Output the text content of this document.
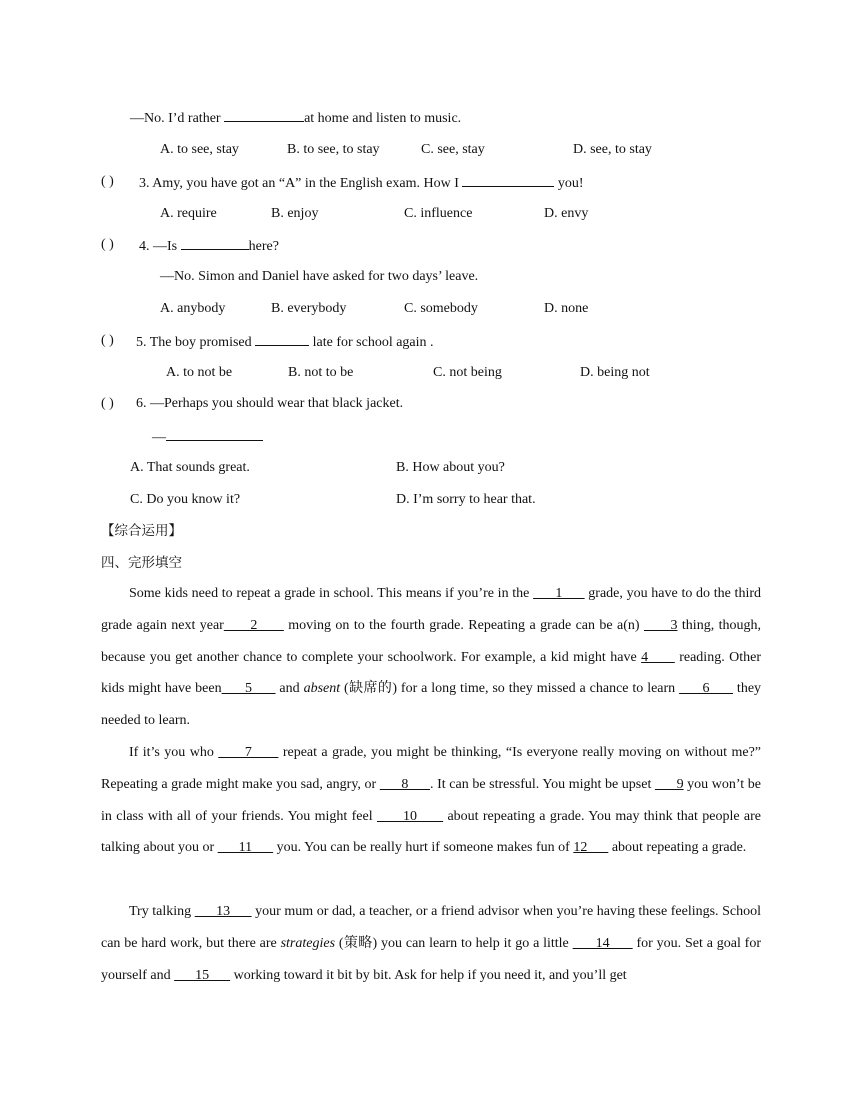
—No. I’d rather	at home and listen to music.
A. to see, stay	B. to see, to stay	C. see, stay	D. see, to stay
( ) 3. Amy, you have got an “A” in the English exam. How I	you!
A. require	B. enjoy	C. influence	D. envy
( ) 4. —Is	here?
—No. Simon and Daniel have asked for two days’ leave.
A. anybody	B. everybody	C. somebody	D. none
( ) 5. The boy promised	late for school again .
A. to not be	B. not to be	C. not being	D. being not
( ) 6. —Perhaps you should wear that black jacket.
—
A. That sounds great.	B. How about you?
C. Do you know it?	D. I’m sorry to hear that.
【综合运用】
四、完形填空
Some kids need to repeat a grade in school. This means if you’re in the       1       grade, you have to do the third grade again next year      2       moving on to the fourth grade. Repeating a grade can be a(n)       3 thing, though, because you get another chance to complete your schoolwork. For example, a kid might have 4       reading. Other kids might have been      5       and absent (缺席的) for a long time, so they missed a chance to learn       6       they needed to learn.
If it’s you who       7       repeat a grade, you might be thinking, “Is everyone really moving on without me?” Repeating a grade might make you sad, angry, or       8      . It can be stressful. You might be upset       9 you won’t be in class with all of your friends. You might feel       10       about repeating a grade. You may think that people are talking about you or       11       you. You can be really hurt if someone makes fun of 12       about repeating a grade.
Try talking       13       your mum or dad, a teacher, or a friend advisor when you’re having these feelings. School can be hard work, but there are strategies (策略) you can learn to help it go a little       14       for you. Set a goal for yourself and       15       working toward it bit by bit. Ask for help if you need it, and you’ll get
